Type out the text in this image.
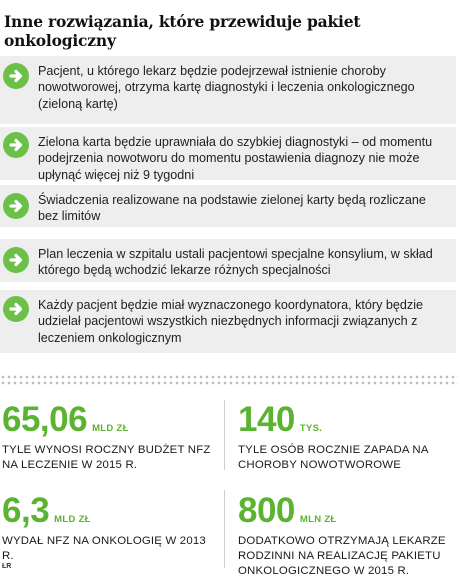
Inne rozwiązania, które przewiduje pakiet onkologiczny
Pacjent, u którego lekarz będzie podejrzewał istnienie choroby nowotworowej, otrzyma kartę diagnostyki i leczenia onkologicznego (zieloną kartę)
Zielona karta będzie uprawniała do szybkiej diagnostyki – od momentu podejrzenia nowotworu do momentu postawienia diagnozy nie może upłynąć więcej niż 9 tygodni
Świadczenia realizowane na podstawie zielonej karty będą rozliczane bez limitów
Plan leczenia w szpitalu ustali pacjentowi specjalne konsylium, w skład którego będą wchodzić lekarze różnych specjalności
Każdy pacjent będzie miał wyznaczonego koordynatora, który będzie udzielał pacjentowi wszystkich niezbędnych informacji związanych z leczeniem onkologicznym
65,06 MLD ZŁ
TYLE WYNOSI ROCZNY BUDŻET NFZ NA LECZENIE W 2015 R.
140 TYS.
TYLE OSÓB ROCZNIE ZAPADA NA CHOROBY NOWOTWOROWE
6,3 MLD ZŁ
WYDAŁ NFZ NA ONKOLOGIĘ W 2013 R.
800 MLN ZŁ
DODATKOWO OTRZYMAJĄ LEKARZE RODZINNI NA REALIZACJĘ PAKIETU ONKOLOGICZNEGO W 2015 R.
ŁR
